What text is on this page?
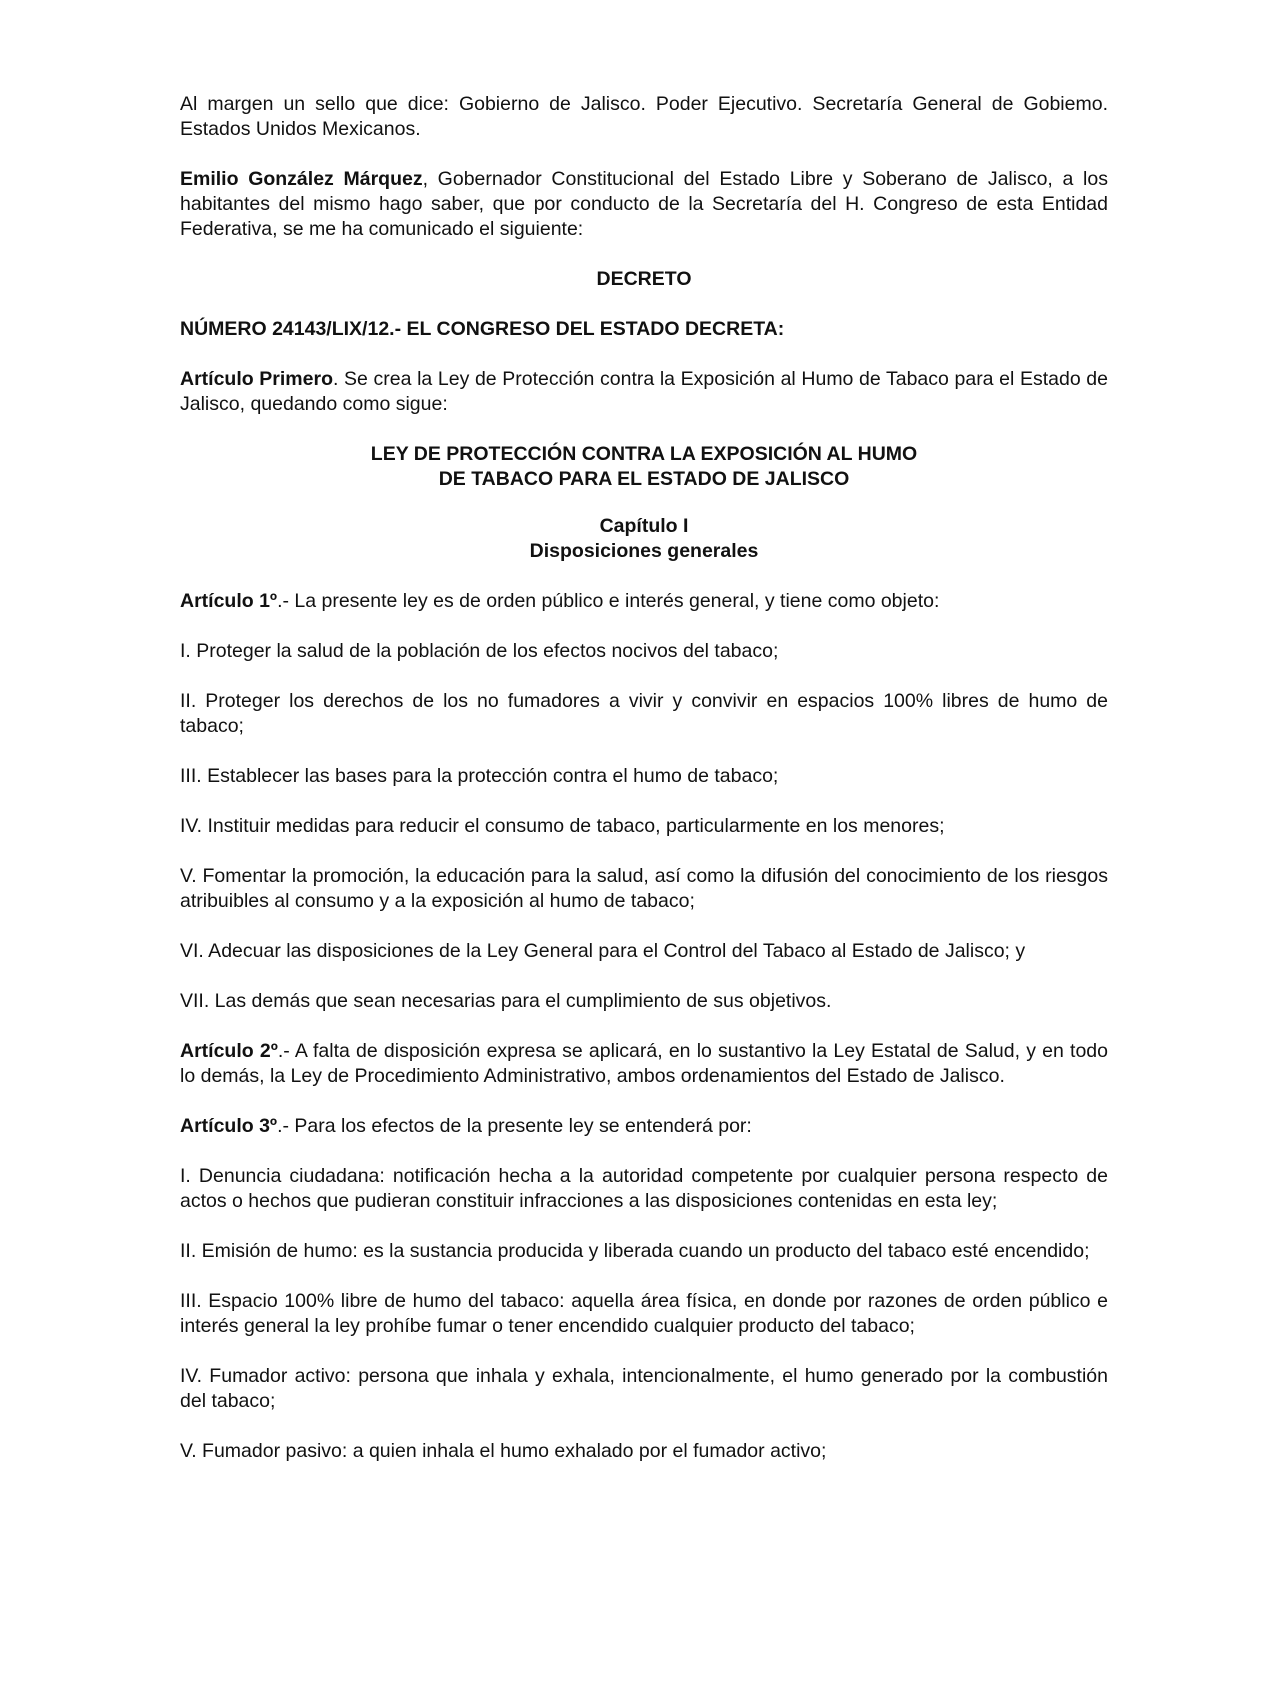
Al margen un sello que dice: Gobierno de Jalisco. Poder Ejecutivo. Secretaría General de Gobiemo. Estados Unidos Mexicanos.

Emilio González Márquez, Gobernador Constitucional del Estado Libre y Soberano de Jalisco, a los habitantes del mismo hago saber, que por conducto de la Secretaría del H. Congreso de esta Entidad Federativa, se me ha comunicado el siguiente:

DECRETO

NÚMERO 24143/LIX/12.- EL CONGRESO DEL ESTADO DECRETA:

Artículo Primero. Se crea la Ley de Protección contra la Exposición al Humo de Tabaco para el Estado de Jalisco, quedando como sigue:

LEY DE PROTECCIÓN CONTRA LA EXPOSICIÓN AL HUMO
DE TABACO PARA EL ESTADO DE JALISCO
Capítulo I
Disposiciones generales

Artículo 1º.- La presente ley es de orden público e interés general, y tiene como objeto:

I. Proteger la salud de la población de los efectos nocivos del tabaco;

II. Proteger los derechos de los no fumadores a vivir y convivir en espacios 100% libres de humo de tabaco;

III. Establecer las bases para la protección contra el humo de tabaco;

IV. Instituir medidas para reducir el consumo de tabaco, particularmente en los menores;

V. Fomentar la promoción, la educación para la salud, así como la difusión del conocimiento de los riesgos atribuibles al consumo y a la exposición al humo de tabaco;

VI. Adecuar las disposiciones de la Ley General para el Control del Tabaco al Estado de Jalisco; y

VII. Las demás que sean necesarias para el cumplimiento de sus objetivos.

Artículo 2º.- A falta de disposición expresa se aplicará, en lo sustantivo la Ley Estatal de Salud, y en todo lo demás, la Ley de Procedimiento Administrativo, ambos ordenamientos del Estado de Jalisco.

Artículo 3º.- Para los efectos de la presente ley se entenderá por:

I. Denuncia ciudadana: notificación hecha a la autoridad competente por cualquier persona respecto de actos o hechos que pudieran constituir infracciones a las disposiciones contenidas en esta ley;

II. Emisión de humo: es la sustancia producida y liberada cuando un producto del tabaco esté encendido;

III. Espacio 100% libre de humo del tabaco: aquella área física, en donde por razones de orden público e interés general la ley prohíbe fumar o tener encendido cualquier producto del tabaco;

IV. Fumador activo: persona que inhala y exhala, intencionalmente, el humo generado por la combustión del tabaco;

V. Fumador pasivo: a quien inhala el humo exhalado por el fumador activo;
